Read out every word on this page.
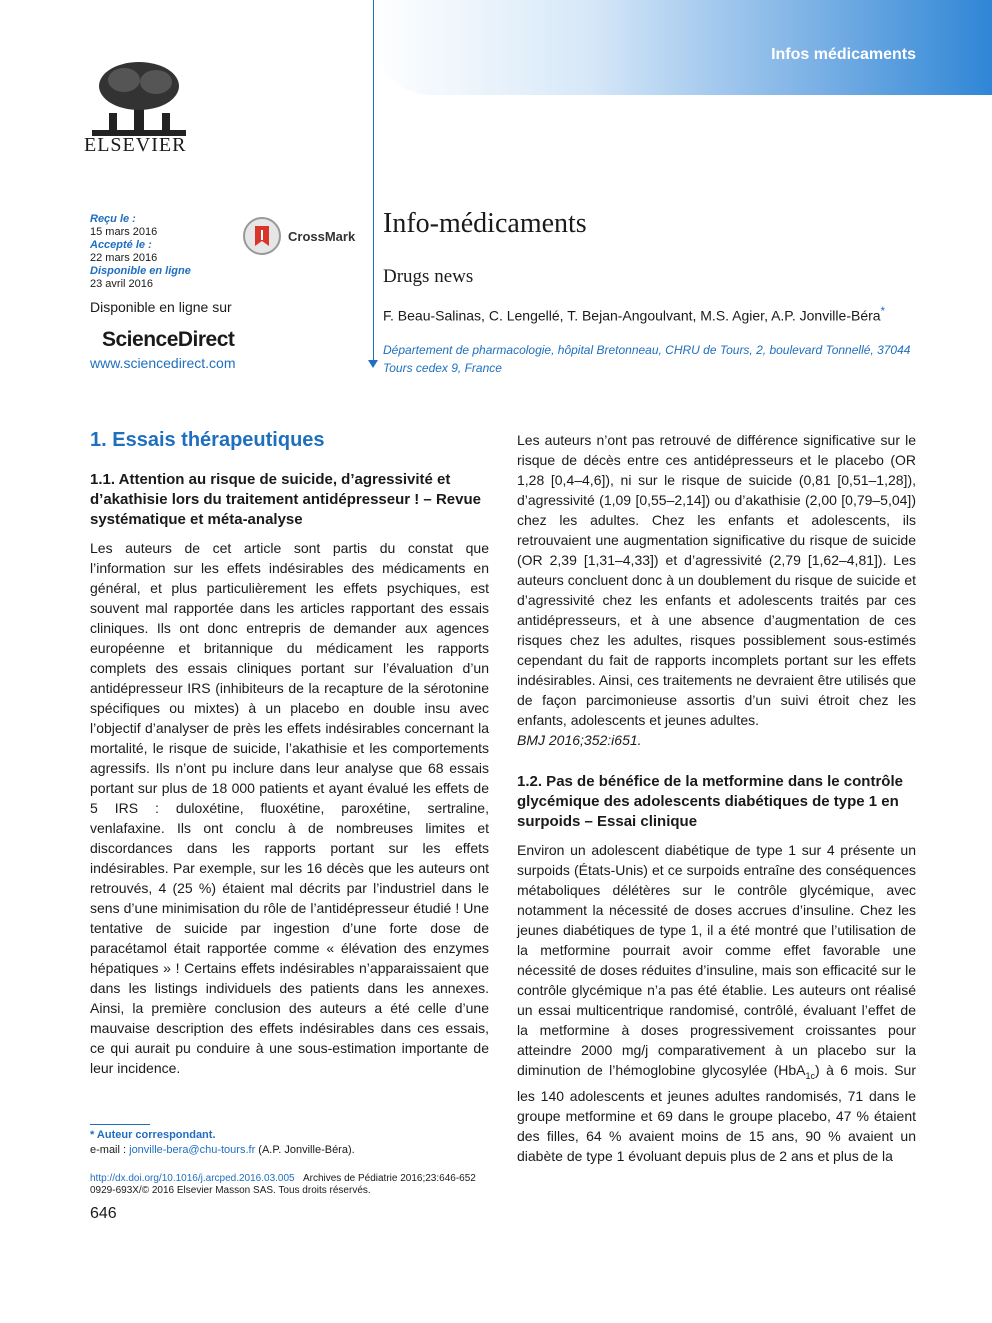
Infos médicaments
ELSEVIER
Reçu le :
15 mars 2016
Accepté le :
22 mars 2016
Disponible en ligne
23 avril 2016
CrossMark
Disponible en ligne sur
ScienceDirect
www.sciencedirect.com
Info-médicaments
Drugs news
F. Beau-Salinas, C. Lengellé, T. Bejan-Angoulvant, M.S. Agier, A.P. Jonville-Béra*
Département de pharmacologie, hôpital Bretonneau, CHRU de Tours, 2, boulevard Tonnellé, 37044 Tours cedex 9, France
1. Essais thérapeutiques
1.1. Attention au risque de suicide, d’agressivité et d’akathisie lors du traitement antidépresseur ! – Revue systématique et méta-analyse

Les auteurs de cet article sont partis du constat que l’information sur les effets indésirables des médicaments en général, et plus particulièrement les effets psychiques, est souvent mal rapportée dans les articles rapportant des essais cliniques. Ils ont donc entrepris de demander aux agences européenne et britannique du médicament les rapports complets des essais cliniques portant sur l’évaluation d’un antidépresseur IRS (inhibiteurs de la recapture de la sérotonine spécifiques ou mixtes) à un placebo en double insu avec l’objectif d’analyser de près les effets indésirables concernant la mortalité, le risque de suicide, l’akathisie et les comportements agressifs. Ils n’ont pu inclure dans leur analyse que 68 essais portant sur plus de 18 000 patients et ayant évalué les effets de 5 IRS : duloxétine, fluoxétine, paroxétine, sertraline, venlafaxine. Ils ont conclu à de nombreuses limites et discordances dans les rapports portant sur les effets indésirables. Par exemple, sur les 16 décès que les auteurs ont retrouvés, 4 (25 %) étaient mal décrits par l’industriel dans le sens d’une minimisation du rôle de l’antidépresseur étudié ! Une tentative de suicide par ingestion d’une forte dose de paracétamol était rapportée comme « élévation des enzymes hépatiques » ! Certains effets indésirables n’apparaissaient que dans les listings individuels des patients dans les annexes. Ainsi, la première conclusion des auteurs a été celle d’une mauvaise description des effets indésirables dans ces essais, ce qui aurait pu conduire à une sous-estimation importante de leur incidence.

Les auteurs n’ont pas retrouvé de différence significative sur le risque de décès entre ces antidépresseurs et le placebo (OR 1,28 [0,4–4,6]), ni sur le risque de suicide (0,81 [0,51–1,28]), d’agressivité (1,09 [0,55–2,14]) ou d’akathisie (2,00 [0,79–5,04]) chez les adultes. Chez les enfants et adolescents, ils retrouvaient une augmentation significative du risque de suicide (OR 2,39 [1,31–4,33]) et d’agressivité (2,79 [1,62–4,81]). Les auteurs concluent donc à un doublement du risque de suicide et d’agressivité chez les enfants et adolescents traités par ces antidépresseurs, et à une absence d’augmentation de ces risques chez les adultes, risques possiblement sous-estimés cependant du fait de rapports incomplets portant sur les effets indésirables. Ainsi, ces traitements ne devraient être utilisés que de façon parcimonieuse assortis d’un suivi étroit chez les enfants, adolescents et jeunes adultes.

BMJ 2016;352:i651.

1.2. Pas de bénéfice de la metformine dans le contrôle glycémique des adolescents diabétiques de type 1 en surpoids – Essai clinique

Environ un adolescent diabétique de type 1 sur 4 présente un surpoids (États-Unis) et ce surpoids entraîne des conséquences métaboliques délétères sur le contrôle glycémique, avec notamment la nécessité de doses accrues d’insuline. Chez les jeunes diabétiques de type 1, il a été montré que l’utilisation de la metformine pourrait avoir comme effet favorable une nécessité de doses réduites d’insuline, mais son efficacité sur le contrôle glycémique n’a pas été établie. Les auteurs ont réalisé un essai multicentrique randomisé, contrôlé, évaluant l’effet de la metformine à doses progressivement croissantes pour atteindre 2000 mg/j comparativement à un placebo sur la diminution de l’hémoglobine glycosylée (HbA$_{1c}$) à 6 mois. Sur les 140 adolescents et jeunes adultes randomisés, 71 dans le groupe metformine et 69 dans le groupe placebo, 47 % étaient des filles, 64 % avaient moins de 15 ans, 90 % avaient un diabète de type 1 évoluant depuis plus de 2 ans et plus de la

* Auteur correspondant.
e-mail : jonville-bera@chu-tours.fr (A.P. Jonville-Béra).
http://dx.doi.org/10.1016/j.arcped.2016.03.005 Archives de Pédiatrie 2016;23:646-652
0929-693X/© 2016 Elsevier Masson SAS. Tous droits réservés.
646
